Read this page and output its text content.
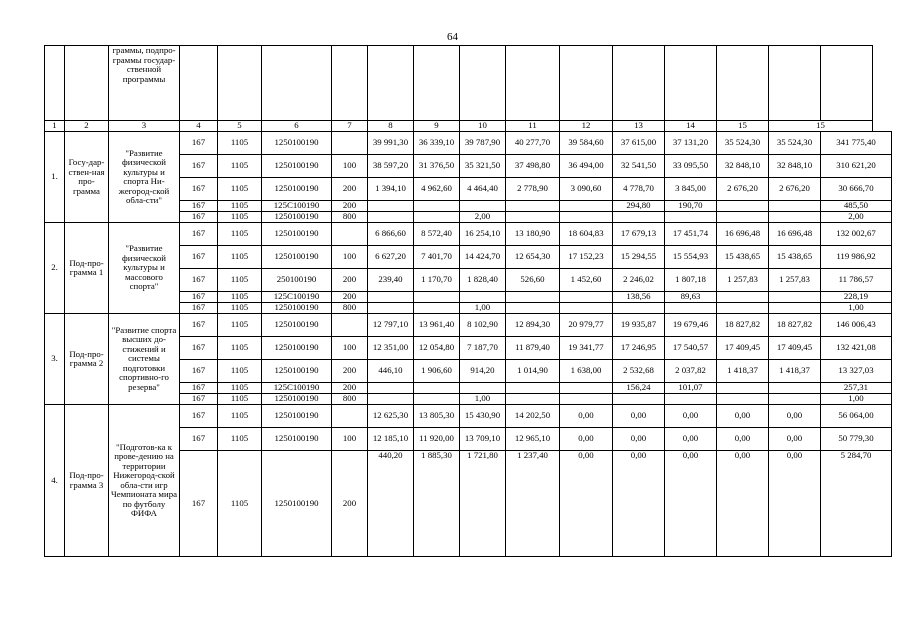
64
		граммы, подпро-граммы государ-ственной программы														
1	2	3	4	5	6	7	8	9	10	11	12	13	14	15	15	
1.	Госу-дар-ствен-ная про-грамма	"Развитие физической культуры и спорта Ни-жегород-ской обла-сти"	167	1105	1250100190		39 991,30	36 339,10	39 787,90	40 277,70	39 584,60	37 615,00	37 131,20	35 524,30	35 524,30	341 775,40
			167	1105	1250100190	100	38 597,20	31 376,50	35 321,50	37 498,80	36 494,00	32 541,50	33 095,50	32 848,10	32 848,10	310 621,20
			167	1105	1250100190	200	1 394,10	4 962,60	4 464,40	2 778,90	3 090,60	4 778,70	3 845,00	2 676,20	2 676,20	30 666,70
			167	1105	125C100190	200						294,80	190,70			485,50
			167	1105	1250100190	800			2,00							2,00
2.	Под-про-грамма 1	"Развитие физической культуры и массового спорта"	167	1105	1250100190		6 866,60	8 572,40	16 254,10	13 180,90	18 604,83	17 679,13	17 451,74	16 696,48	16 696,48	132 002,67
			167	1105	1250100190	100	6 627,20	7 401,70	14 424,70	12 654,30	17 152,23	15 294,55	15 554,93	15 438,65	15 438,65	119 986,92
			167	1105	250100190	200	239,40	1 170,70	1 828,40	526,60	1 452,60	2 246,02	1 807,18	1 257,83	1 257,83	11 786,57
			167	1105	125C100190	200						138,56	89,63			228,19
			167	1105	1250100190	800			1,00							1,00
3.	Под-про-грамма 2	"Развитие спорта высших до-стижений и системы подготовки спортивно-го резерва"	167	1105	1250100190		12 797,10	13 961,40	8 102,90	12 894,30	20 979,77	19 935,87	19 679,46	18 827,82	18 827,82	146 006,43
			167	1105	1250100190	100	12 351,00	12 054,80	7 187,70	11 879,40	19 341,77	17 246,95	17 540,57	17 409,45	17 409,45	132 421,08
			167	1105	1250100190	200	446,10	1 906,60	914,20	1 014,90	1 638,00	2 532,68	2 037,82	1 418,37	1 418,37	13 327,03
			167	1105	125C100190	200						156,24	101,07			257,31
			167	1105	1250100190	800			1,00							1,00
4.	Под-про-грамма 3	"Подготов-ка к прове-дению на территории Нижегород-ской обла-сти игр Чемпионата мира по футболу ФИФА	167	1105	1250100190		12 625,30	13 805,30	15 430,90	14 202,50	0,00	0,00	0,00	0,00	0,00	56 064,00
			167	1105	1250100190	100	12 185,10	11 920,00	13 709,10	12 965,10	0,00	0,00	0,00	0,00	0,00	50 779,30
			167	1105	1250100190	200	440,20	1 885,30	1 721,80	1 237,40	0,00	0,00	0,00	0,00	0,00	5 284,70
